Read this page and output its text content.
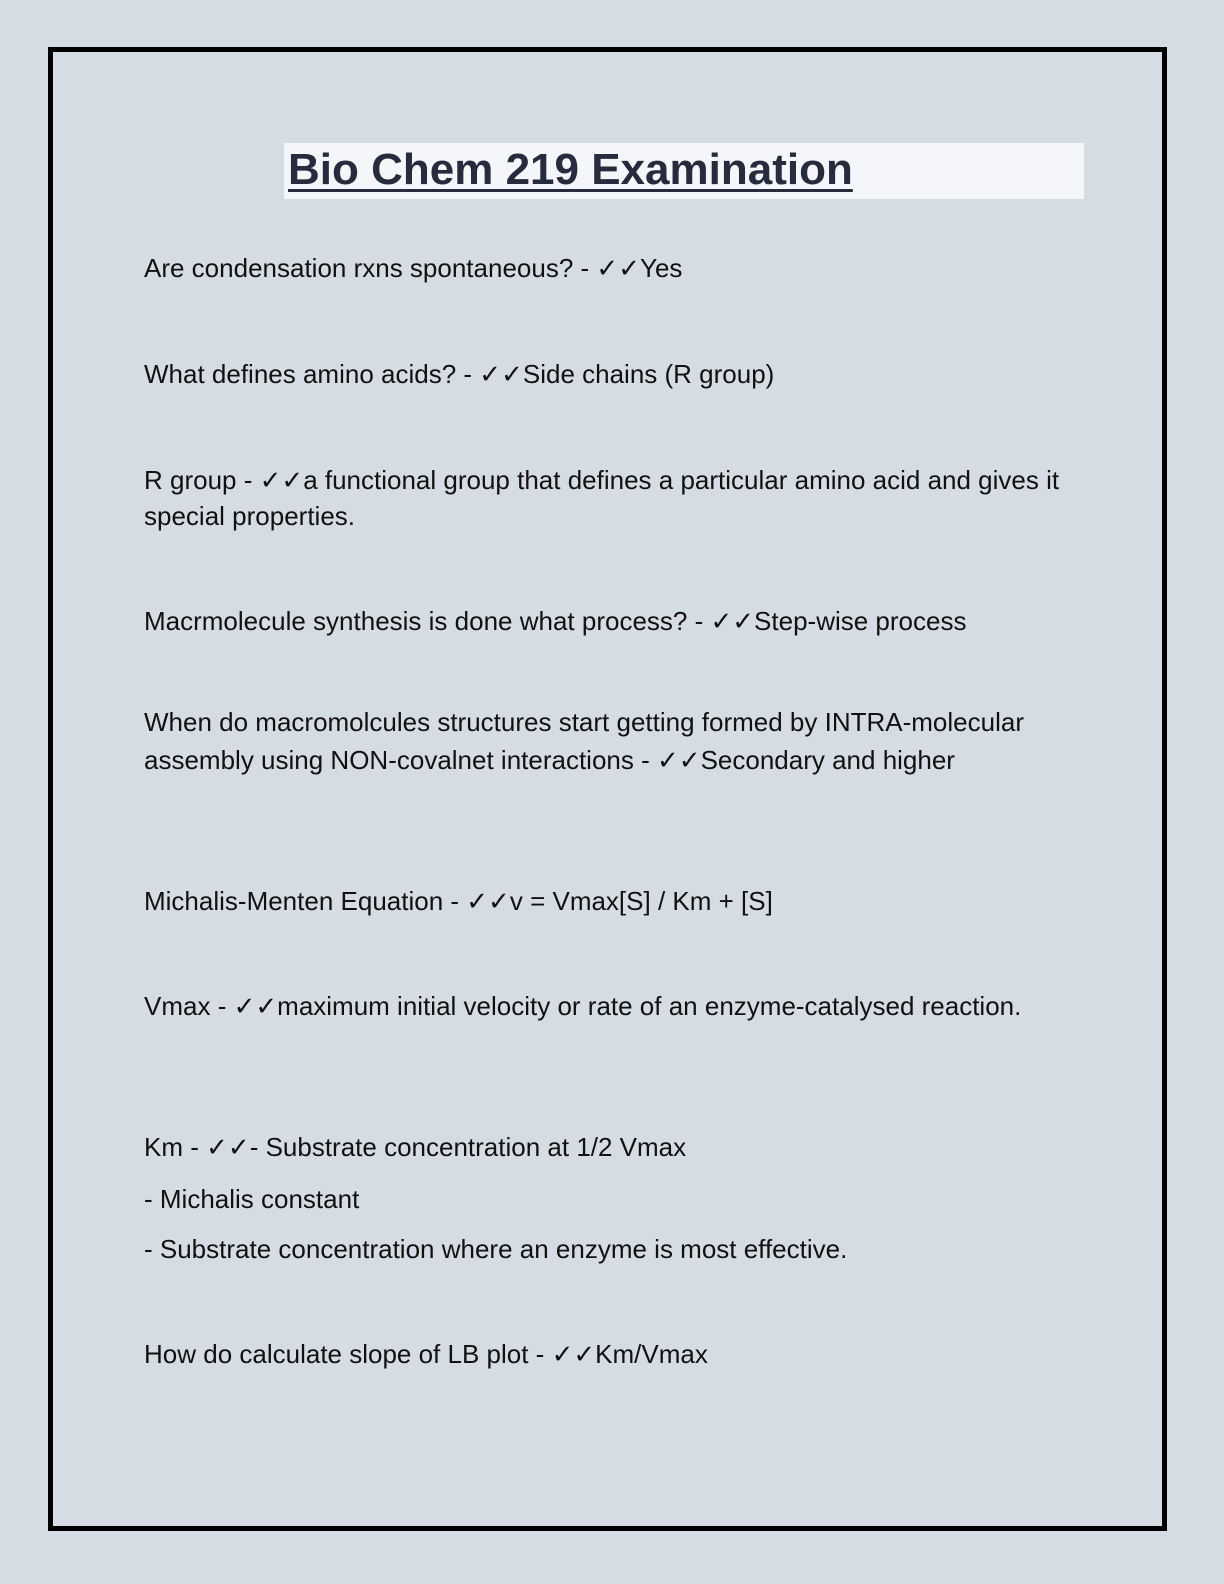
Bio Chem 219 Examination

Are condensation rxns spontaneous? - ✓✓Yes

What defines amino acids? - ✓✓Side chains (R group)

R group - ✓✓a functional group that defines a particular amino acid and gives it special properties.

Macrmolecule synthesis is done what process? - ✓✓Step-wise process

When do macromolcules structures start getting formed by INTRA-molecular assembly using NON-covalnet interactions - ✓✓Secondary and higher

Michalis-Menten Equation - ✓✓v = Vmax[S] / Km + [S]

Vmax - ✓✓maximum initial velocity or rate of an enzyme-catalysed reaction.

Km - ✓✓- Substrate concentration at 1/2 Vmax

- Michalis constant

- Substrate concentration where an enzyme is most effective.

How do calculate slope of LB plot - ✓✓Km/Vmax
